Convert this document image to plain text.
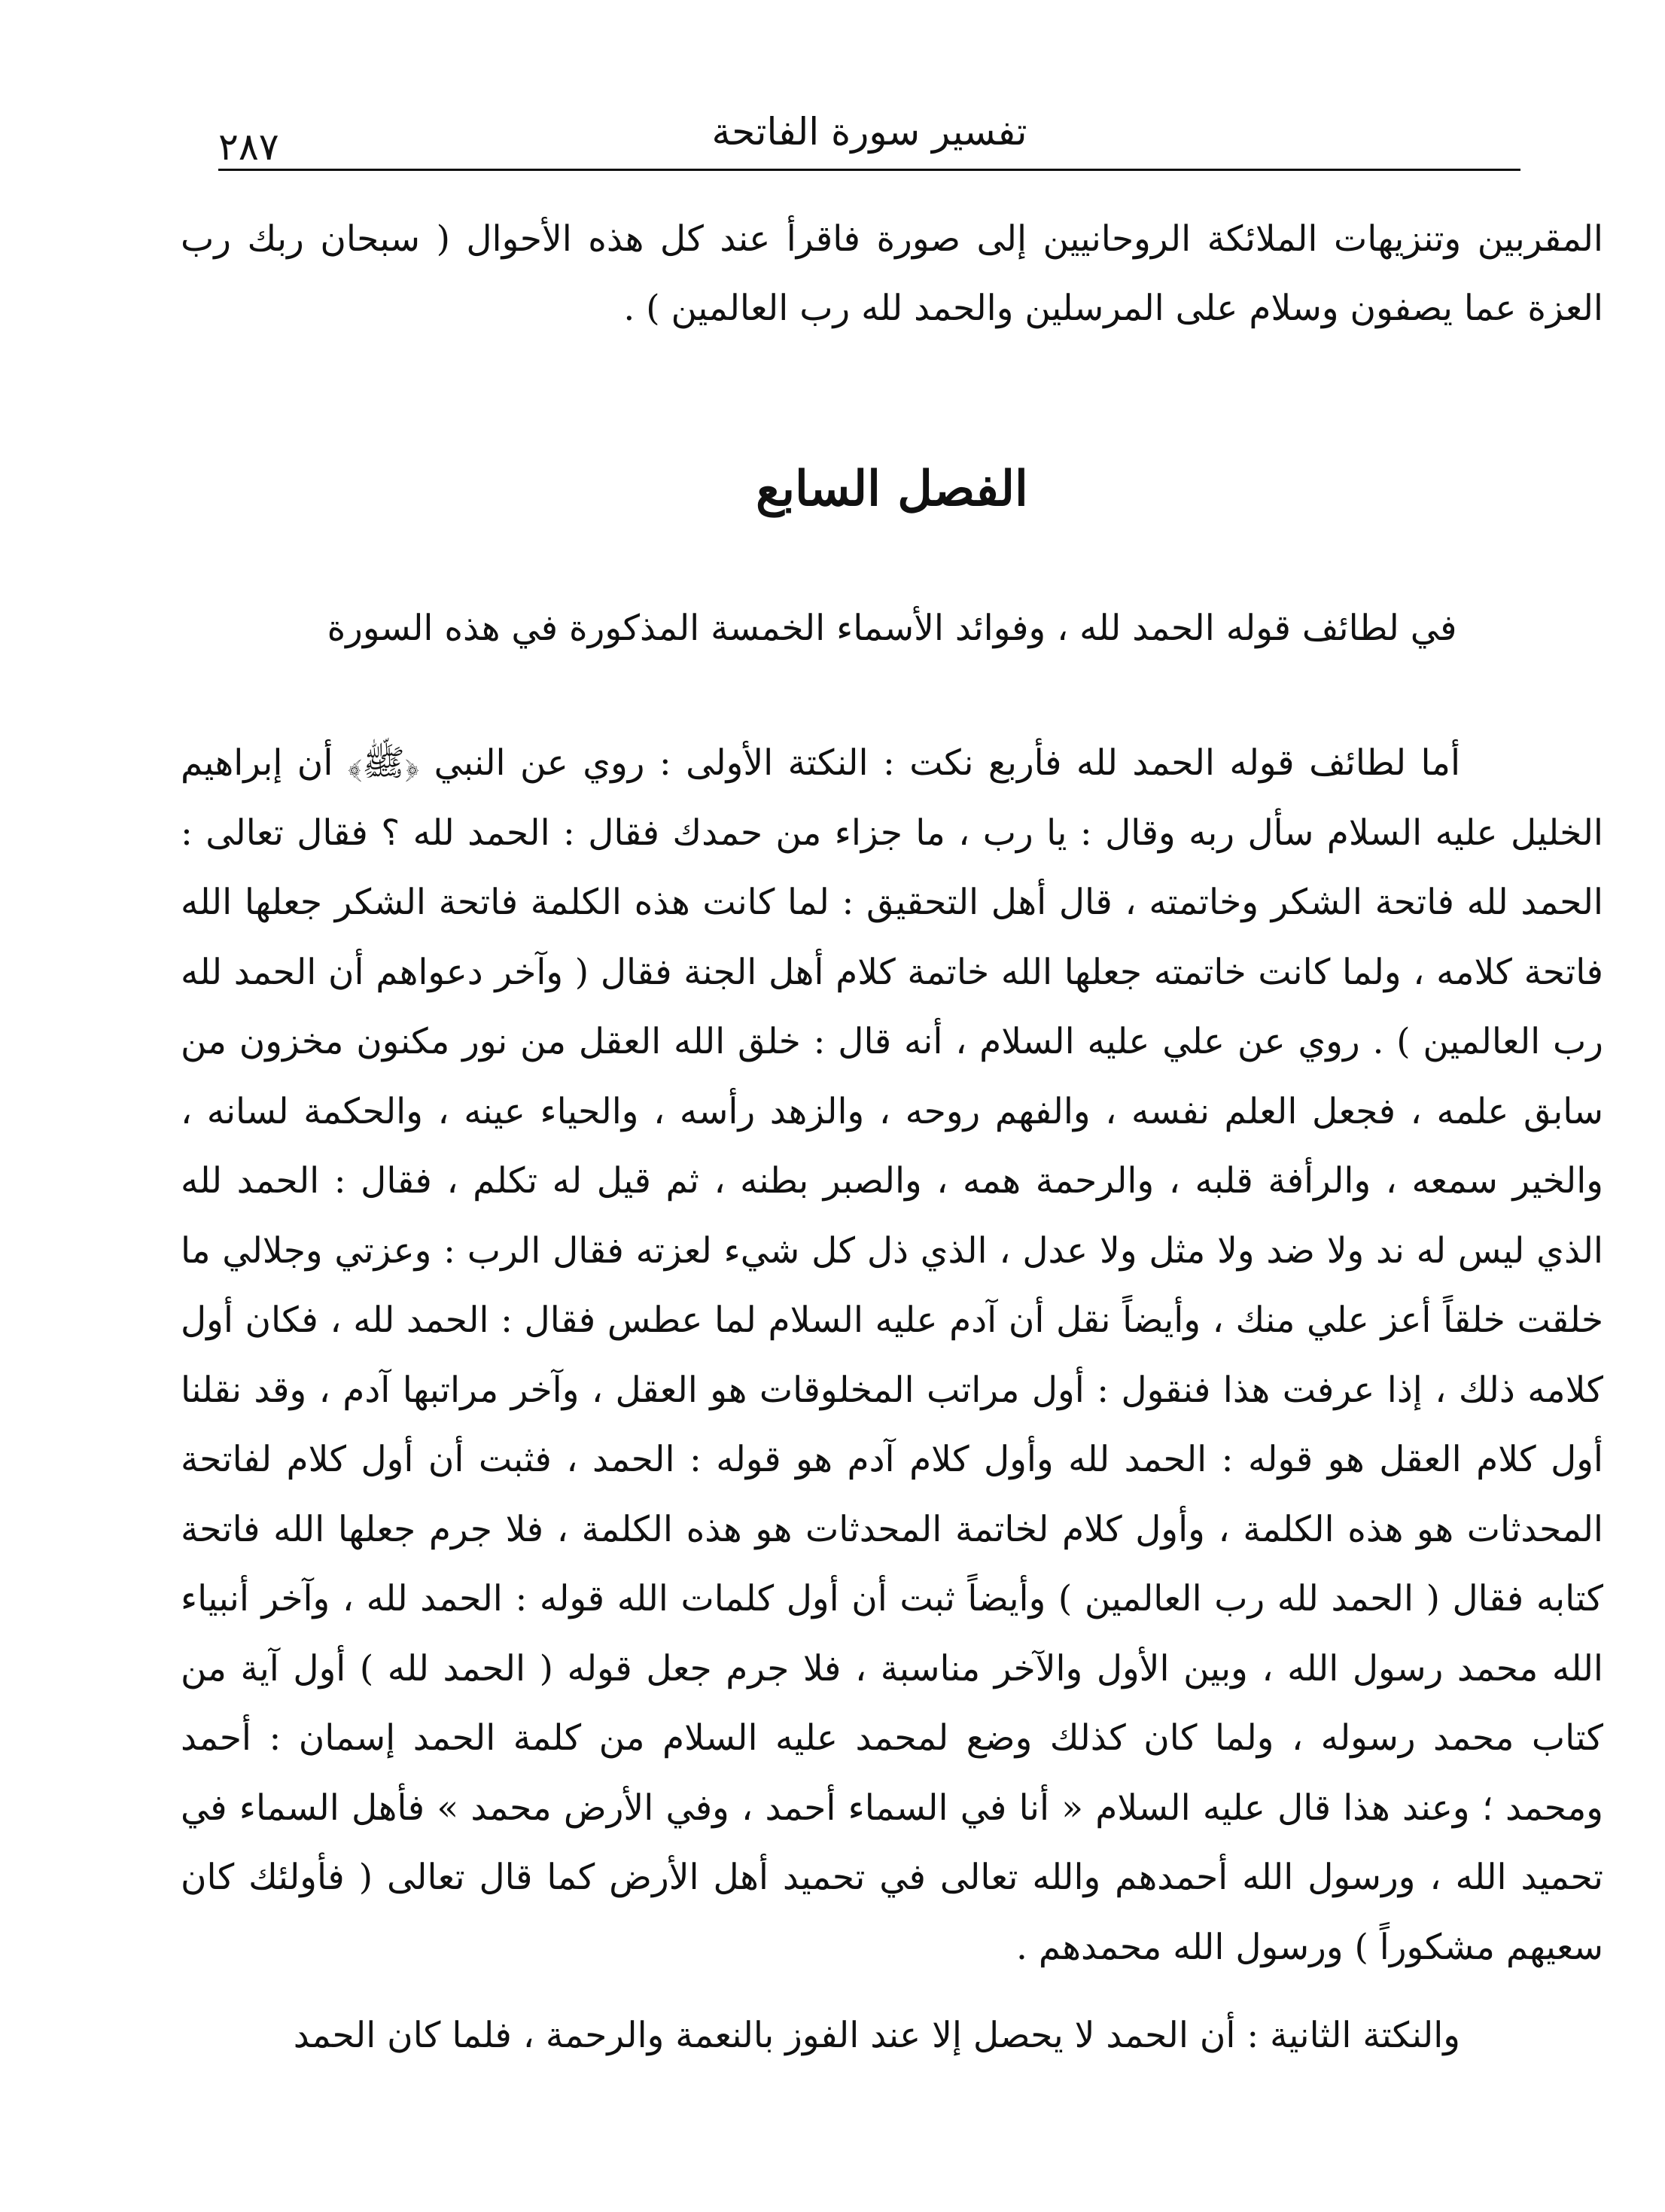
تفسير سورة الفاتحة
٢٨٧

المقربين وتنزيهات الملائكة الروحانيين إلى صورة فاقرأ عند كل هذه الأحوال ( سبحان ربك رب العزة عما يصفون وسلام على المرسلين والحمد لله رب العالمين ) .

الفصل السابع
في لطائف قوله الحمد لله ، وفوائد الأسماء الخمسة المذكورة في هذه السورة

أما لطائف قوله الحمد لله فأربع نكت : النكتة الأولى : روي عن النبي ﴿ﷺ﴾ أن إبراهيم الخليل عليه السلام سأل ربه وقال : يا رب ، ما جزاء من حمدك فقال : الحمد لله ؟ فقال تعالى : الحمد لله فاتحة الشكر وخاتمته ، قال أهل التحقيق : لما كانت هذه الكلمة فاتحة الشكر جعلها الله فاتحة كلامه ، ولما كانت خاتمته جعلها الله خاتمة كلام أهل الجنة فقال ( وآخر دعواهم أن الحمد لله رب العالمين ) . روي عن علي عليه السلام ، أنه قال : خلق الله العقل من نور مكنون مخزون من سابق علمه ، فجعل العلم نفسه ، والفهم روحه ، والزهد رأسه ، والحياء عينه ، والحكمة لسانه ، والخير سمعه ، والرأفة قلبه ، والرحمة همه ، والصبر بطنه ، ثم قيل له تكلم ، فقال : الحمد لله الذي ليس له ند ولا ضد ولا مثل ولا عدل ، الذي ذل كل شيء لعزته فقال الرب : وعزتي وجلالي ما خلقت خلقاً أعز علي منك ، وأيضاً نقل أن آدم عليه السلام لما عطس فقال : الحمد لله ، فكان أول كلامه ذلك ، إذا عرفت هذا فنقول : أول مراتب المخلوقات هو العقل ، وآخر مراتبها آدم ، وقد نقلنا أول كلام العقل هو قوله : الحمد لله وأول كلام آدم هو قوله : الحمد ، فثبت أن أول كلام لفاتحة المحدثات هو هذه الكلمة ، وأول كلام لخاتمة المحدثات هو هذه الكلمة ، فلا جرم جعلها الله فاتحة كتابه فقال ( الحمد لله رب العالمين ) وأيضاً ثبت أن أول كلمات الله قوله : الحمد لله ، وآخر أنبياء الله محمد رسول الله ، وبين الأول والآخر مناسبة ، فلا جرم جعل قوله ( الحمد لله ) أول آية من كتاب محمد رسوله ، ولما كان كذلك وضع لمحمد عليه السلام من كلمة الحمد إسمان : أحمد ومحمد ؛ وعند هذا قال عليه السلام « أنا في السماء أحمد ، وفي الأرض محمد » فأهل السماء في تحميد الله ، ورسول الله أحمدهم والله تعالى في تحميد أهل الأرض كما قال تعالى ( فأولئك كان سعيهم مشكوراً ) ورسول الله محمدهم .

والنكتة الثانية : أن الحمد لا يحصل إلا عند الفوز بالنعمة والرحمة ، فلما كان الحمد
